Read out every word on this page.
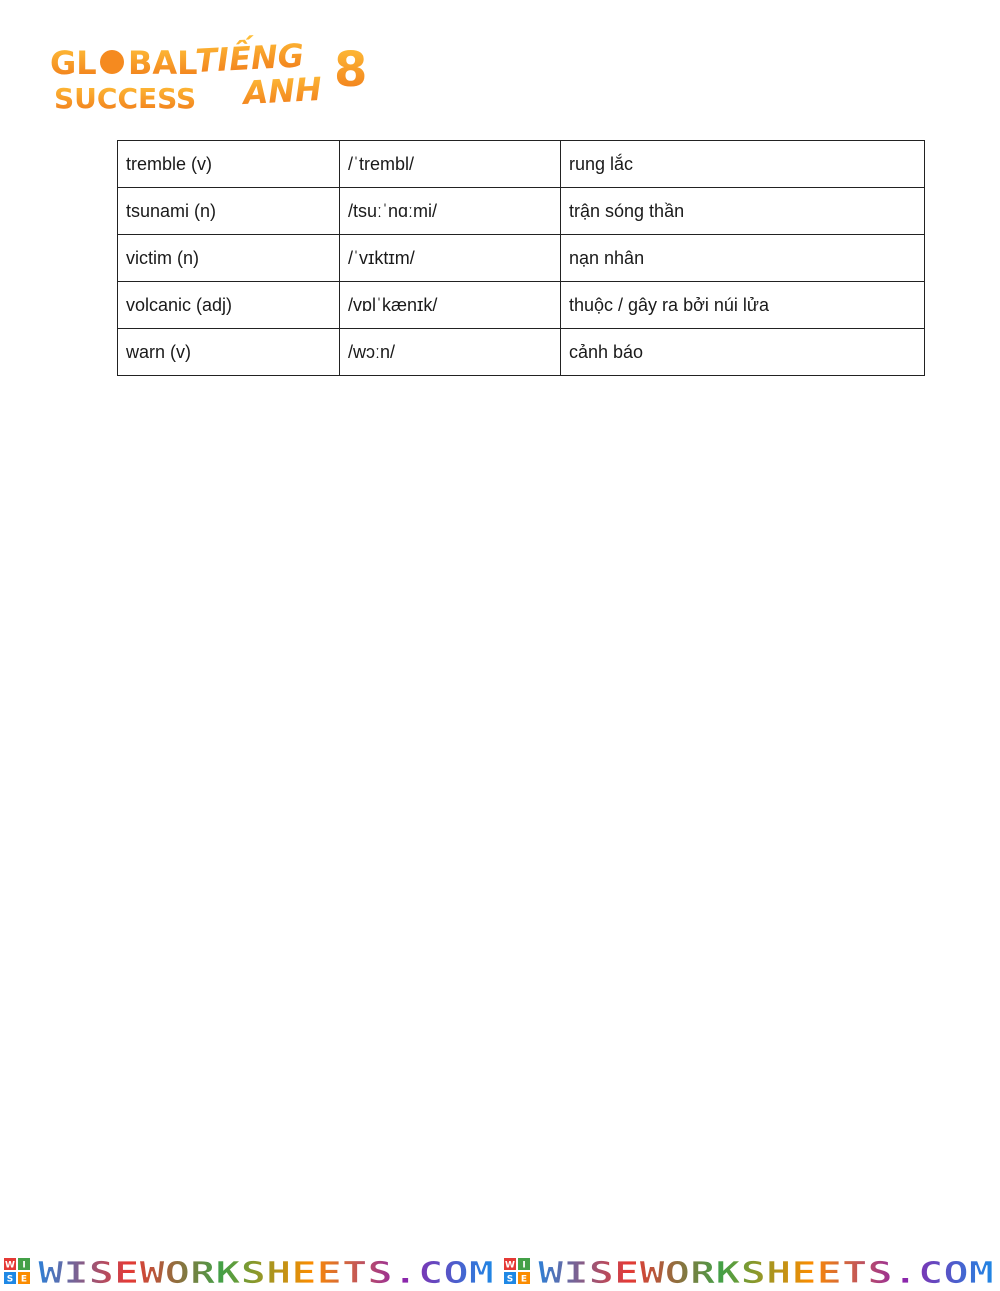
GL BAL
SUCCESS
TIẾNG
ANH 8
tremble (v)	/ˈtrembl/	rung lắc
tsunami (n)	/tsuːˈnɑːmi/	trận sóng thần
victim (n)	/ˈvɪktɪm/	nạn nhân
volcanic (adj)	/vɒlˈkænɪk/	thuộc / gây ra bởi núi lửa
warn (v)	/wɔːn/	cảnh báo
W I
S E WISEWORKSHEETS.COM W I
S E WISEWORKSHEETS.COM
